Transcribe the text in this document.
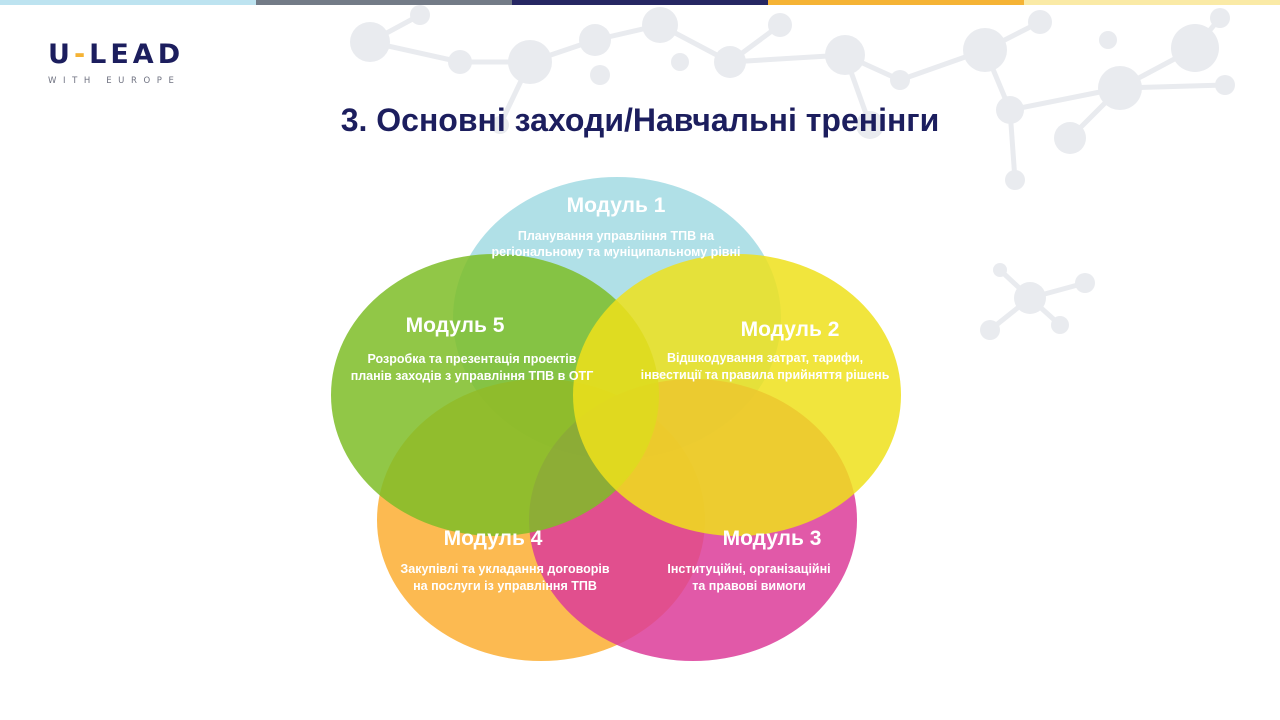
U-LEAD
WITH EUROPE
3. Основні заходи/Навчальні тренінги
Модуль 1
Планування управління ТПВ на
регіональному та муніципальному рівні
Модуль 2
Відшкодування затрат, тарифи,
інвестиції та правила прийняття рішень
Модуль 3
Інституційні, організаційні
та правові вимоги
Модуль 4
Закупівлі та укладання договорів
на послуги із управління ТПВ
Модуль 5
Розробка та презентація проектів
планів заходів з управління ТПВ в ОТГ
